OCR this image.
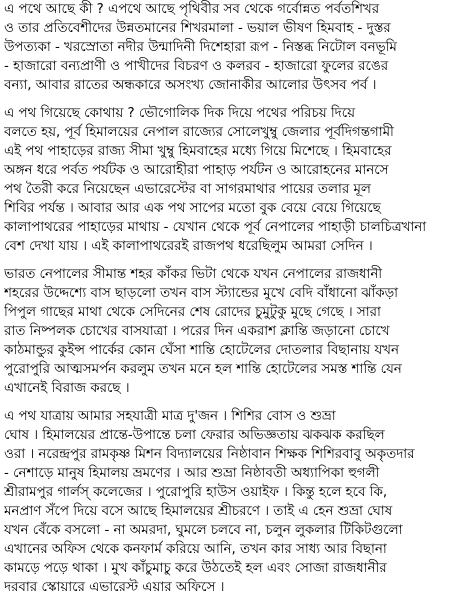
এ পথে আছে কী ? এপথে আছে পৃথিবীর সব থেকে গর্বোন্নত পর্বতশিখর
ও তার প্রতিবেশীদের উন্নতমানের শিখরমালা - ভয়াল ভীষণ হিমবাহ - দুস্তর
উপত্যকা - খরস্রোতা নদীর উন্মাদিনী দিশেহারা রূপ - নিস্তব্ধ নিটোল বনভূমি
- হাজারো বন্যপ্রাণী ও পাখীদের বিচরণ ও কলরব - হাজারো ফুলের রঙের
বন্যা, আবার রাতের অন্ধকারে অসংখ্য জোনাকীর আলোর উৎসব পর্ব ।
এ পথ গিয়েছে কোথায় ? ভৌগোলিক দিক দিয়ে পথের পরিচয় দিয়ে
বলতে হয়, পূর্ব হিমালয়ের নেপাল রাজ্যের সোলেখুম্বু জেলার পূর্বদিগন্তগামী
এই পথ পাহাড়ের রাজ্য সীমা খুম্বু হিমবাহের মধ্যে গিয়ে মিশেছে । হিমবাহের
অঙ্গন ধরে পর্বত পর্যটক ও আরোহীরা পাহাড় পর্যটন ও আরোহনের মানসে
পথ তৈরী করে নিয়েছেন এভারেস্টের বা সাগরমাথার পায়ের তলার মূল
শিবির পর্যন্ত । আবার আর এক পথ সাপের মতো বুক বেয়ে বেয়ে গিয়েছে
কালাপাথরের পাহাড়ের মাথায় - যেখান থেকে পূর্ব নেপালের পাহাড়ী চালচিত্রখানা
বেশ দেখা যায় । এই কালাপাথরেরই রাজপথ ধরেছিলুম আমরা সেদিন ।
ভারত নেপালের সীমান্ত শহর কাঁকর ভিটা থেকে যখন নেপালের রাজধানী
শহরের উদ্দেশ্যে বাস ছাড়লো তখন বাস স্ট্যান্ডের মুখে বেদি বাঁধানো ঝাঁকড়া
পিপুল গাছের মাথা থেকে সেদিনের শেষ রোদের চুমুটুকু মুছে গেছে । সারা
রাত নিষ্পলক চোখের বাসযাত্রা । পরের দিন একরাশ ক্লান্তি জড়ানো চোখে
কাঠমান্ডুর কুইন্স পার্কের কোন ঘেঁসা শান্তি হোটেলের দোতলার বিছানায় যখন
পুরোপুরি আত্মসমর্পন করলুম তখন মনে হল শান্তি হোটেলের সমস্ত শান্তি যেন
এখানেই বিরাজ করছে ।
এ পথ যাত্রায় আমার সহযাত্রী মাত্র দু'জন । শিশির বোস ও শুভ্রা
ঘোষ । হিমালয়ের প্রান্তে-উপান্তে চলা ফেরার অভিজ্ঞতায় ঝকঝক করছিল
ওরা । নরেন্দ্রপুর রামকৃষ্ণ মিশন বিদ্যালয়ের নিষ্ঠাবান শিক্ষক শিশিরবাবু অকৃতদার
- নেশাড়ে মানুষ হিমালয় ভ্রমণের । আর শুভ্রা নিষ্ঠাবতী অধ্যাপিকা হুগলী
শ্রীরামপুর গার্লস্ কলেজের । পুরোপুরি হাউস ওয়াইফ । কিন্তু হলে হবে কি,
মনপ্রাণ সঁপে দিয়ে বসে আছে হিমালয়ের শ্রীচরণে । তাই এ হেন শুভ্রা ঘোষ
যখন বেঁকে বসলো - না অমরদা, ঘুমলে চলবে না, চলুন লুকলার টিকিটগুলো
এখানের অফিস থেকে কনফার্ম করিয়ে আনি, তখন কার সাধ্য আর বিছানা
কামড়ে পড়ে থাকা । মুখ কাঁচুমাচু করে উঠতেই হল এবং সোজা রাজধানীর
দরবার স্কোয়ারে এভারেস্ট এয়ার অফিসে ।
